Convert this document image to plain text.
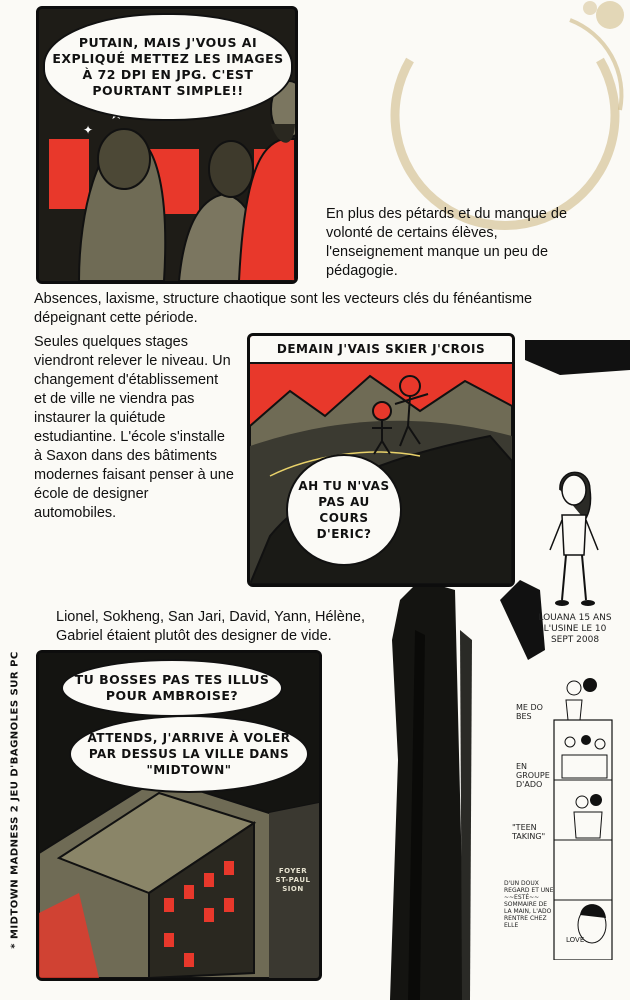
✦
PUTAIN, MAIS J'VOUS AI EXPLIQUÉ METTEZ LES IMAGES À 72 DPI EN JPG. C'EST POURTANT SIMPLE!!
En plus des pétards et du manque de volonté de certains élèves, l'enseignement manque un peu de pédagogie.
Absences, laxisme, structure chaotique sont les vecteurs clés du fénéantisme dépeignant cette période.
Seules quelques stages viendront relever le niveau. Un changement d'établissement et de ville ne viendra pas instaurer la quiétude estudiantine. L'école s'installe à Saxon dans des bâtiments modernes faisant penser à une école de designer automobiles.
DEMAIN J'VAIS SKIER J'CROIS
AH TU N'VAS PAS AU COURS D'ERIC?
LOUANA 15 ANS L'USINE LE 10 SEPT 2008
Lionel, Sokheng, San Jari, David, Yann, Hélène, Gabriel étaient plutôt des designer de vide.
* MIDTOWN MADNESS 2 JEU D'BAGNOLES SUR PC	TU BOSSES PAS TES ILLUS POUR AMBROISE?
ATTENDS, J'ARRIVE À VOLER PAR DESSUS LA VILLE DANS "MIDTOWN"
FOYER ST-PAUL SION
ME DO BES
EN GROUPE D'ADO
"TEEN TAKING"
D'UN DOUX REGARD ET UNE ~~ESTÉ~~ SOMMAIRE DE LA MAIN, L'ADO RENTRE CHEZ ELLE
LOVE
